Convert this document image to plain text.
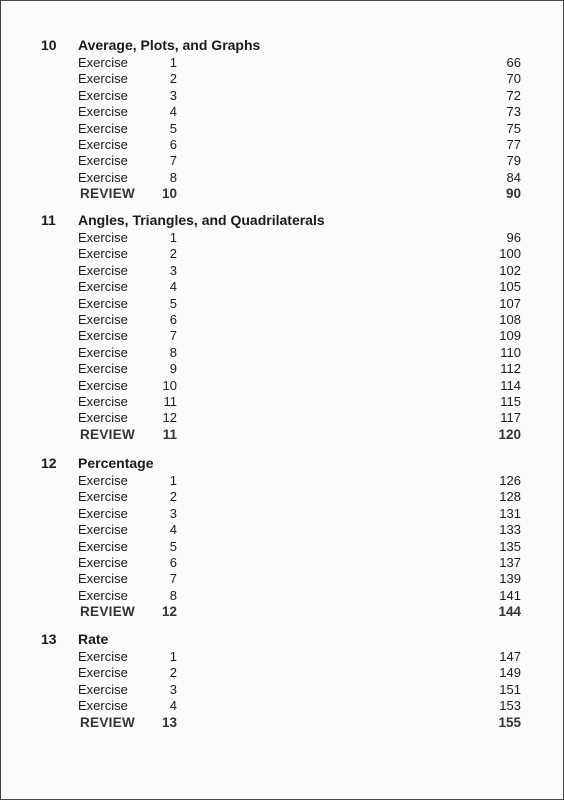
10 Average, Plots, and Graphs
Exercise	1	66
Exercise	2	70
Exercise	3	72
Exercise	4	73
Exercise	5	75
Exercise	6	77
Exercise	7	79
Exercise	8	84
REVIEW	10	90
11 Angles, Triangles, and Quadrilaterals
Exercise	1	96
Exercise	2	100
Exercise	3	102
Exercise	4	105
Exercise	5	107
Exercise	6	108
Exercise	7	109
Exercise	8	110
Exercise	9	112
Exercise	10	114
Exercise	11	115
Exercise	12	117
REVIEW	11	120
12 Percentage
Exercise	1	126
Exercise	2	128
Exercise	3	131
Exercise	4	133
Exercise	5	135
Exercise	6	137
Exercise	7	139
Exercise	8	141
REVIEW	12	144
13 Rate
Exercise	1	147
Exercise	2	149
Exercise	3	151
Exercise	4	153
REVIEW	13	155
